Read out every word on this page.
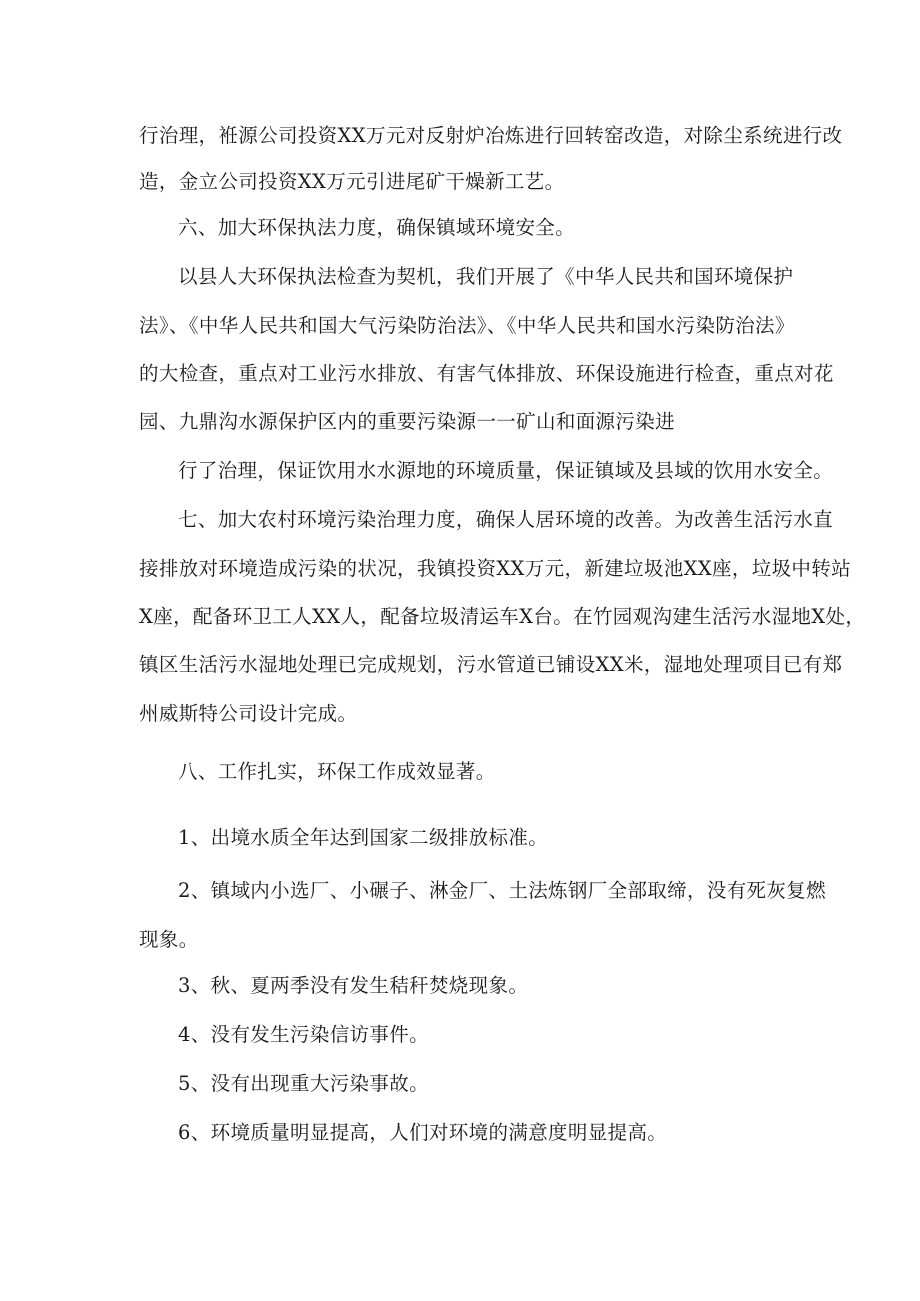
行治理，袵源公司投资XX万元对反射炉冶炼进行回转窑改造，对除尘系统进行改
造，金立公司投资XX万元引进尾矿干燥新工艺。
六、加大环保执法力度，确保镇域环境安全。
以县人大环保执法检查为契机，我们开展了《中华人民共和国环境保护
法》、《中华人民共和国大气污染防治法》、《中华人民共和国水污染防治法》
的大检查，重点对工业污水排放、有害气体排放、环保设施进行检查，重点对花
园、九鼎沟水源保护区内的重要污染源一一矿山和面源污染进
行了治理，保证饮用水水源地的环境质量，保证镇域及县域的饮用水安全。
七、加大农村环境污染治理力度，确保人居环境的改善。为改善生活污水直
接排放对环境造成污染的状况，我镇投资XX万元，新建垃圾池XX座，垃圾中转站
X座，配备环卫工人XX人，配备垃圾清运车X台。在竹园观沟建生活污水湿地X处，
镇区生活污水湿地处理已完成规划，污水管道已铺设XX米，湿地处理项目已有郑
州威斯特公司设计完成。
八、工作扎实，环保工作成效显著。
1、出境水质全年达到国家二级排放标准。
2、镇域内小选厂、小碾子、淋金厂、土法炼钢厂全部取缔，没有死灰复燃
现象。
3、秋、夏两季没有发生秸秆焚烧现象。
4、没有发生污染信访事件。
5、没有出现重大污染事故。
6、环境质量明显提高，人们对环境的满意度明显提高。
